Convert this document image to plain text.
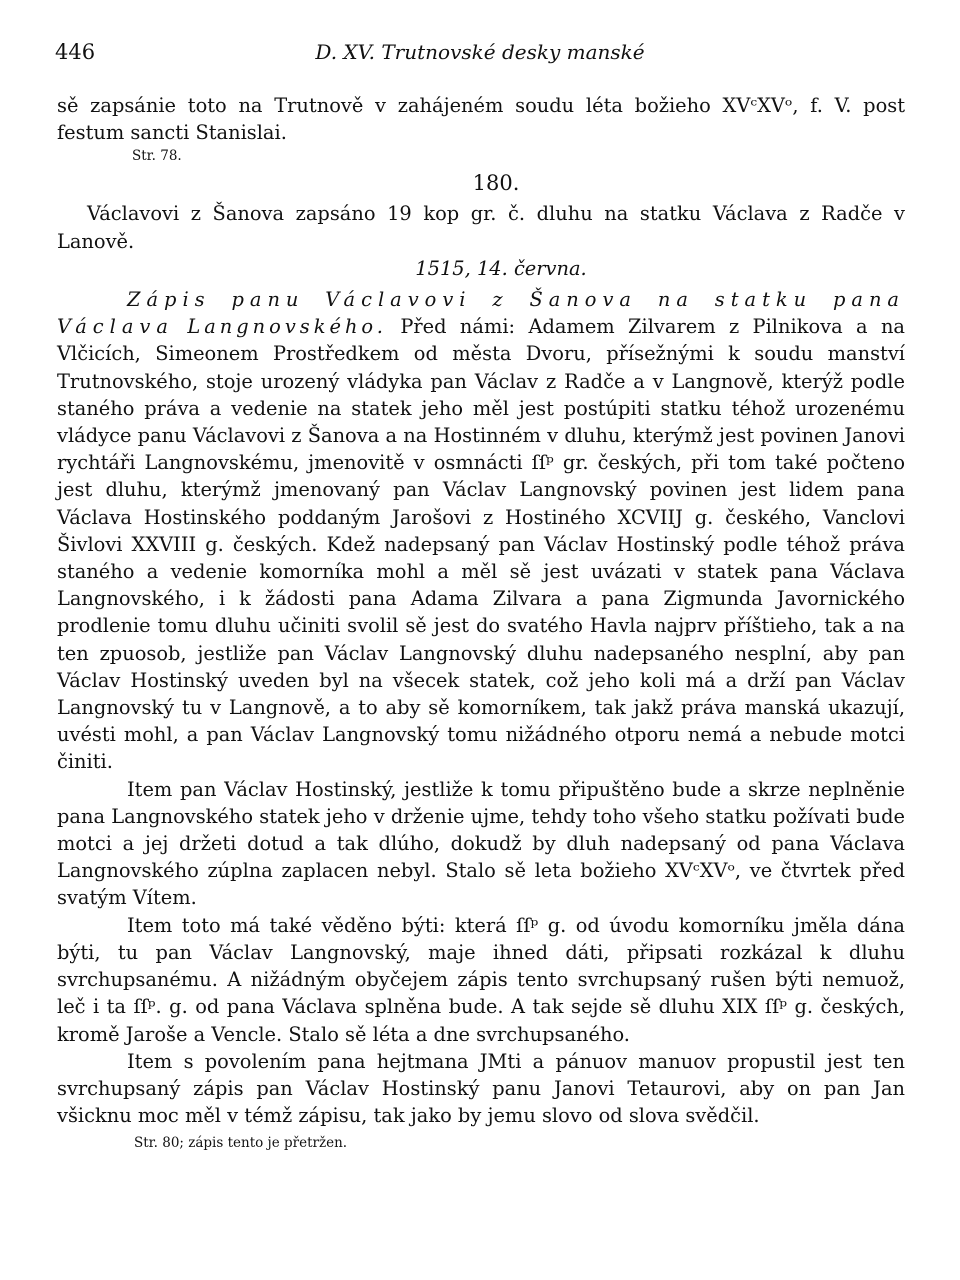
446	D. XV. Trutnovské desky manské

sě zapsánie toto na Trutnově v zahájeném soudu léta božieho XVᶜXVᵒ, f. V. post festum sancti Stanislai.

Str. 78.

180.

Václavovi z Šanova zapsáno 19 kop gr. č. dluhu na statku Václava z Radče v Lanově.

1515, 14. června.

Zápis panu Václavovi z Šanova na statku pana Václava Langnovského. Před námi: Adamem Zilvarem z Pilnikova a na Vlčicích, Simeonem Prostředkem od města Dvoru, přísežnými k soudu manství Trutnovského, stoje urozený vládyka pan Václav z Radče a v Langnově, kterýž podle staného práva a vedenie na statek jeho měl jest postúpiti statku téhož urozenému vládyce panu Václavovi z Šanova a na Hostinném v dluhu, kterýmž jest povinen Janovi rychtáři Langnovskému, jmenovitě v osmnácti ſſᵖ gr. českých, při tom také počteno jest dluhu, kterýmž jmenovaný pan Václav Langnovský povinen jest lidem pana Václava Hostinského poddaným Jarošovi z Hostiného XCVIIJ g. českého, Vanclovi Šivlovi XXVIII g. českých. Kdež nadepsaný pan Václav Hostinský podle téhož práva staného a vedenie komorníka mohl a měl sě jest uvázati v statek pana Václava Langnovského, i k žádosti pana Adama Zilvara a pana Zigmunda Javornického prodlenie tomu dluhu učiniti svolil sě jest do svatého Havla najprv příštieho, tak a na ten zpuosob, jestliže pan Václav Langnovský dluhu nadepsaného nesplní, aby pan Václav Hostinský uveden byl na všecek statek, což jeho koli má a drží pan Václav Langnovský tu v Langnově, a to aby sě komorníkem, tak jakž práva manská ukazují, uvésti mohl, a pan Václav Langnovský tomu nižádného otporu nemá a nebude motci činiti.

Item pan Václav Hostinský, jestliže k tomu připuštěno bude a skrze neplněnie pana Langnovského statek jeho v drženie ujme, tehdy toho všeho statku požívati bude motci a jej držeti dotud a tak dlúho, dokudž by dluh nadepsaný od pana Václava Langnovského zúplna zaplacen nebyl. Stalo sě leta božieho XVᶜXVᵒ, ve čtvrtek před svatým Vítem.

Item toto má také věděno býti: která ſſᵖ g. od úvodu komorníku jměla dána býti, tu pan Václav Langnovský, maje ihned dáti, připsati rozkázal k dluhu svrchupsanému. A nižádným obyčejem zápis tento svrchupsaný rušen býti nemuož, leč i ta ſſᵖ. g. od pana Václava splněna bude. A tak sejde sě dluhu XIX ſſᵖ g. českých, kromě Jaroše a Vencle. Stalo sě léta a dne svrchupsaného.

Item s povolením pana hejtmana JMti a pánuov manuov propustil jest ten svrchupsaný zápis pan Václav Hostinský panu Janovi Tetaurovi, aby on pan Jan všicknu moc měl v témž zápisu, tak jako by jemu slovo od slova svědčil.

Str. 80; zápis tento je přetržen.
